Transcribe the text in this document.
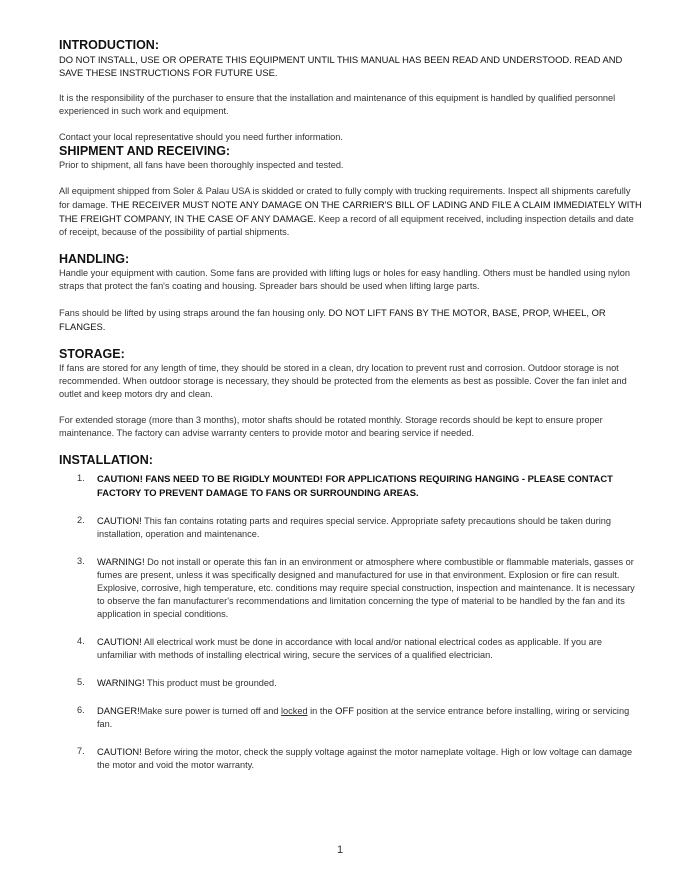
INTRODUCTION:

DO NOT INSTALL, USE OR OPERATE THIS EQUIPMENT UNTIL THIS MANUAL HAS BEEN READ AND UNDERSTOOD. READ AND SAVE THESE INSTRUCTIONS FOR FUTURE USE.

It is the responsibility of the purchaser to ensure that the installation and maintenance of this equipment is handled by qualified personnel experienced in such work and equipment.

Contact your local representative should you need further information.

SHIPMENT AND RECEIVING:

Prior to shipment, all fans have been thoroughly inspected and tested.

All equipment shipped from Soler & Palau USA is skidded or crated to fully comply with trucking requirements. Inspect all shipments carefully for damage. THE RECEIVER MUST NOTE ANY DAMAGE ON THE CARRIER'S BILL OF LADING AND FILE A CLAIM IMMEDIATELY WITH THE FREIGHT COMPANY, IN THE CASE OF ANY DAMAGE. Keep a record of all equipment received, including inspection details and date of receipt, because of the possibility of partial shipments.

HANDLING:

Handle your equipment with caution. Some fans are provided with lifting lugs or holes for easy handling. Others must be handled using nylon straps that protect the fan's coating and housing. Spreader bars should be used when lifting large parts.

Fans should be lifted by using straps around the fan housing only. DO NOT LIFT FANS BY THE MOTOR, BASE, PROP, WHEEL, OR FLANGES.

STORAGE:

If fans are stored for any length of time, they should be stored in a clean, dry location to prevent rust and corrosion. Outdoor storage is not recommended. When outdoor storage is necessary, they should be protected from the elements as best as possible. Cover the fan inlet and outlet and keep motors dry and clean.

For extended storage (more than 3 months), motor shafts should be rotated monthly. Storage records should be kept to ensure proper maintenance. The factory can advise warranty centers to provide motor and bearing service if needed.

INSTALLATION:
1. CAUTION! FANS NEED TO BE RIGIDLY MOUNTED! FOR APPLICATIONS REQUIRING HANGING - PLEASE CONTACT FACTORY TO PREVENT DAMAGE TO FANS OR SURROUNDING AREAS.
2. CAUTION! This fan contains rotating parts and requires special service. Appropriate safety precautions should be taken during installation, operation and maintenance.
3. WARNING! Do not install or operate this fan in an environment or atmosphere where combustible or flammable materials, gasses or fumes are present, unless it was specifically designed and manufactured for use in that environment. Explosion or fire can result. Explosive, corrosive, high temperature, etc. conditions may require special construction, inspection and maintenance. It is necessary to observe the fan manufacturer's recommendations and limitation concerning the type of material to be handled by the fan and its application in special conditions.
4. CAUTION! All electrical work must be done in accordance with local and/or national electrical codes as applicable. If you are unfamiliar with methods of installing electrical wiring, secure the services of a qualified electrician.
5. WARNING! This product must be grounded.
6. DANGER!Make sure power is turned off and locked in the OFF position at the service entrance before installing, wiring or servicing fan.
7. CAUTION! Before wiring the motor, check the supply voltage against the motor nameplate voltage. High or low voltage can damage the motor and void the motor warranty.
1
